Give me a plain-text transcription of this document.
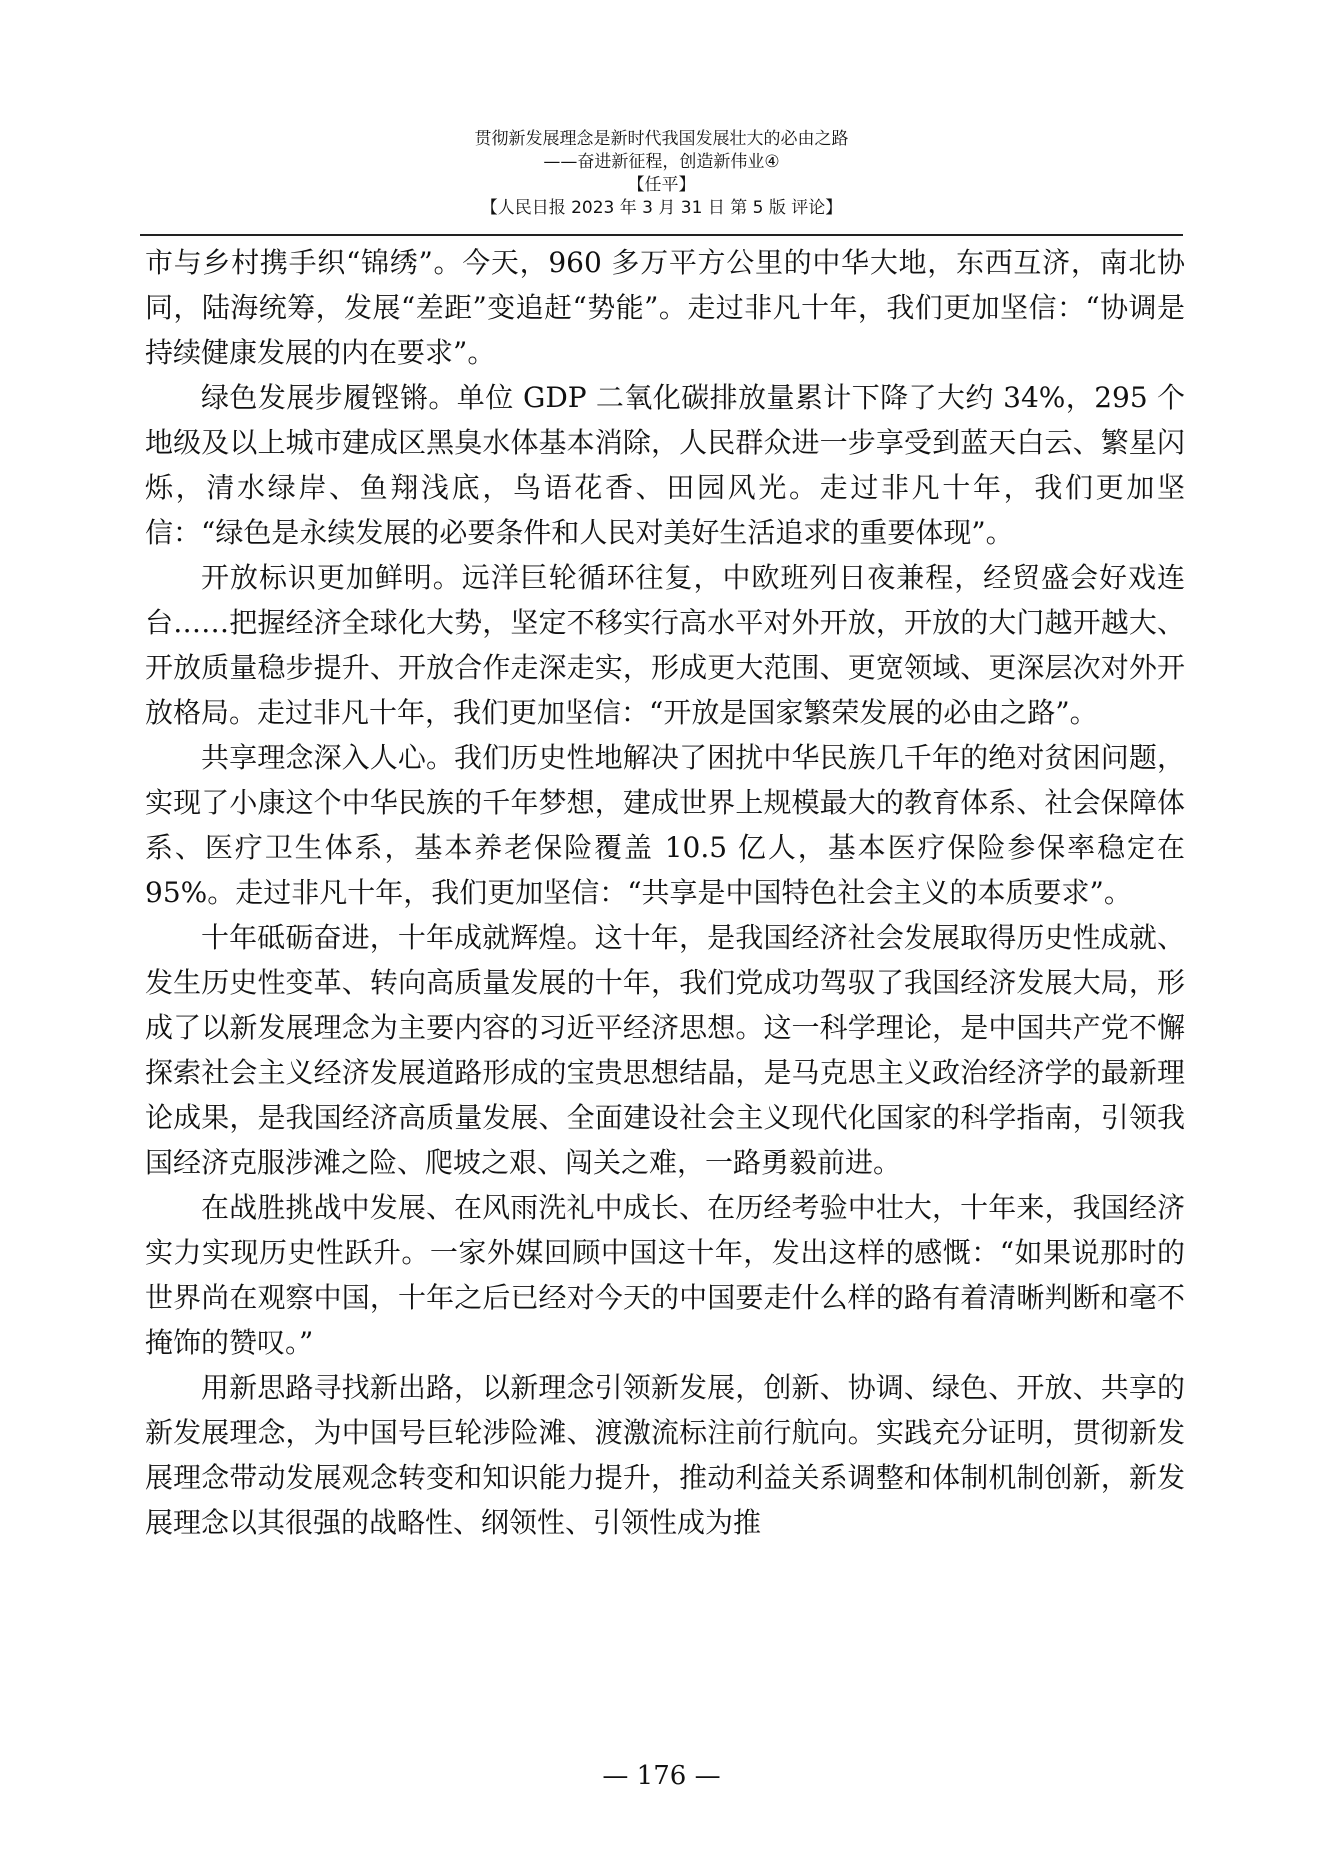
贯彻新发展理念是新时代我国发展壮大的必由之路
——奋进新征程，创造新伟业④
【任平】
【人民日报 2023 年 3 月 31 日 第 5 版 评论】

市与乡村携手织“锦绣”。今天，960 多万平方公里的中华大地，东西互济，南北协同，陆海统筹，发展“差距”变追赶“势能”。走过非凡十年，我们更加坚信：“协调是持续健康发展的内在要求”。

绿色发展步履铿锵。单位 GDP 二氧化碳排放量累计下降了大约 34%，295 个地级及以上城市建成区黑臭水体基本消除，人民群众进一步享受到蓝天白云、繁星闪烁，清水绿岸、鱼翔浅底，鸟语花香、田园风光。走过非凡十年，我们更加坚信：“绿色是永续发展的必要条件和人民对美好生活追求的重要体现”。

开放标识更加鲜明。远洋巨轮循环往复，中欧班列日夜兼程，经贸盛会好戏连台……把握经济全球化大势，坚定不移实行高水平对外开放，开放的大门越开越大、开放质量稳步提升、开放合作走深走实，形成更大范围、更宽领域、更深层次对外开放格局。走过非凡十年，我们更加坚信：“开放是国家繁荣发展的必由之路”。

共享理念深入人心。我们历史性地解决了困扰中华民族几千年的绝对贫困问题，实现了小康这个中华民族的千年梦想，建成世界上规模最大的教育体系、社会保障体系、医疗卫生体系，基本养老保险覆盖 10.5 亿人，基本医疗保险参保率稳定在 95%。走过非凡十年，我们更加坚信：“共享是中国特色社会主义的本质要求”。

十年砥砺奋进，十年成就辉煌。这十年，是我国经济社会发展取得历史性成就、发生历史性变革、转向高质量发展的十年，我们党成功驾驭了我国经济发展大局，形成了以新发展理念为主要内容的习近平经济思想。这一科学理论，是中国共产党不懈探索社会主义经济发展道路形成的宝贵思想结晶，是马克思主义政治经济学的最新理论成果，是我国经济高质量发展、全面建设社会主义现代化国家的科学指南，引领我国经济克服涉滩之险、爬坡之艰、闯关之难，一路勇毅前进。

在战胜挑战中发展、在风雨洗礼中成长、在历经考验中壮大，十年来，我国经济实力实现历史性跃升。一家外媒回顾中国这十年，发出这样的感慨：“如果说那时的世界尚在观察中国，十年之后已经对今天的中国要走什么样的路有着清晰判断和毫不掩饰的赞叹。”

用新思路寻找新出路，以新理念引领新发展，创新、协调、绿色、开放、共享的新发展理念，为中国号巨轮涉险滩、渡激流标注前行航向。实践充分证明，贯彻新发展理念带动发展观念转变和知识能力提升，推动利益关系调整和体制机制创新，新发展理念以其很强的战略性、纲领性、引领性成为推

— 176 —
